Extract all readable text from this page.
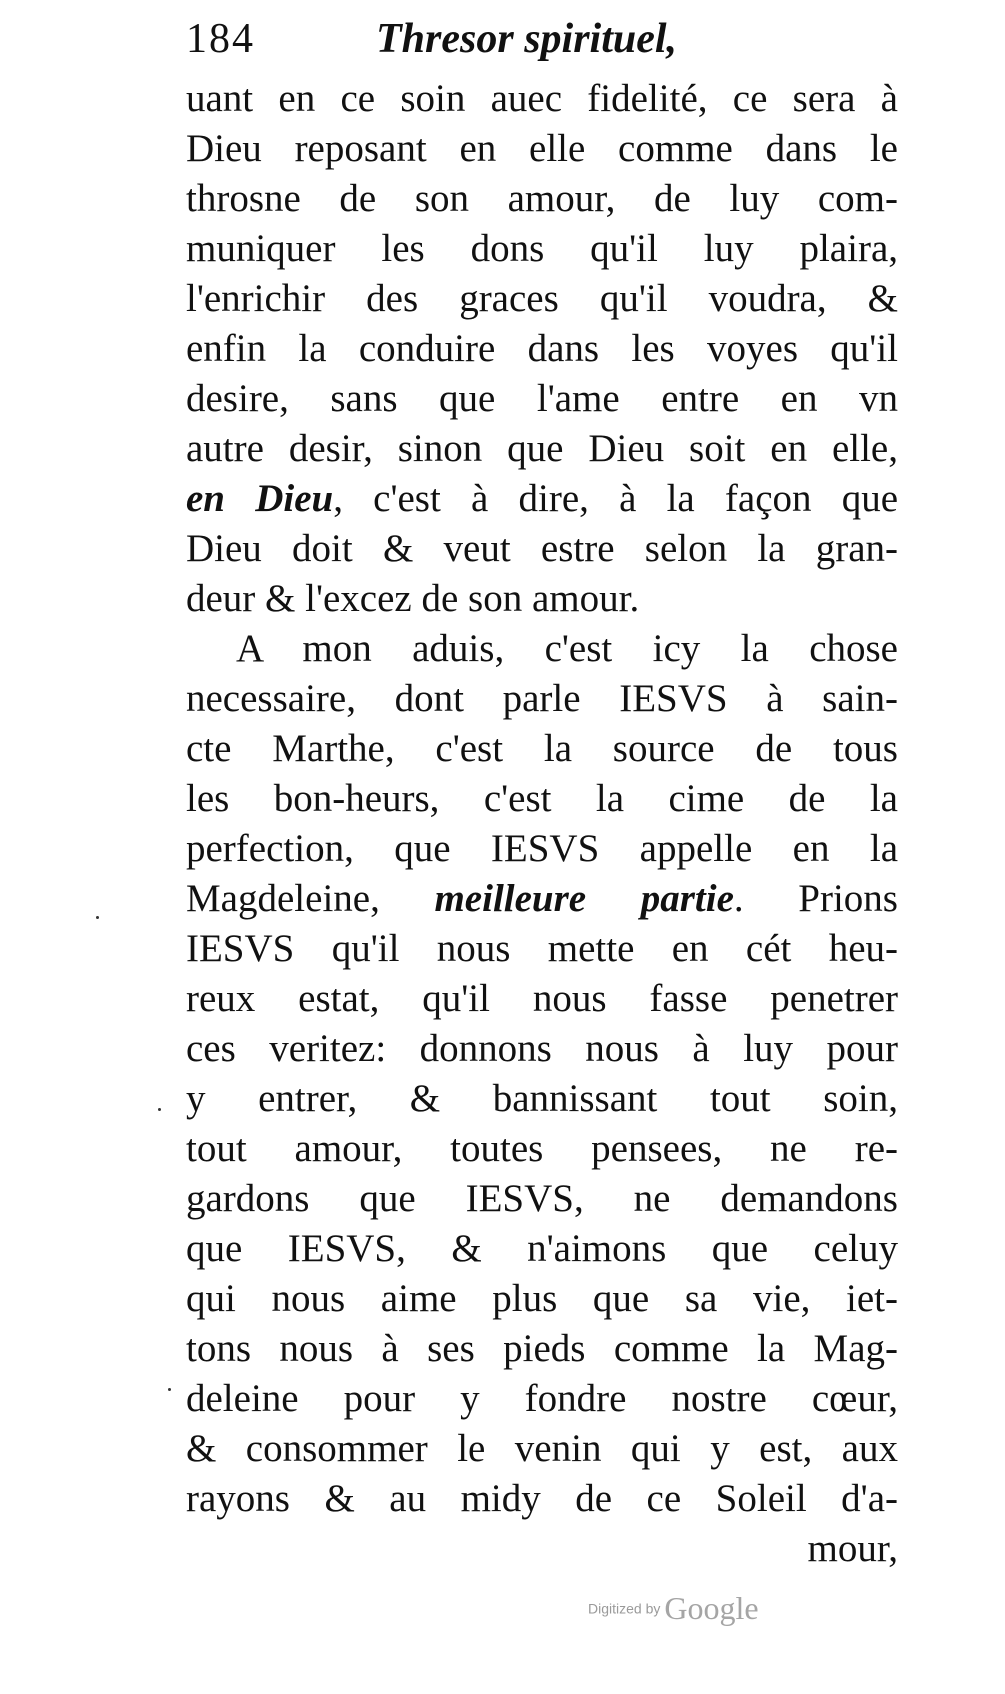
184	Thresor spirituel,
uant en ce soin auec fidelité, ce sera à
Dieu reposant en elle comme dans le
throsne de son amour, de luy com-
muniquer les dons qu'il luy plaira,
l'enrichir des graces qu'il voudra, &
enfin la conduire dans les voyes qu'il
desire, sans que l'ame entre en vn
autre desir, sinon que Dieu soit en elle,
en Dieu, c'est à dire, à la façon que
Dieu doit & veut estre selon la gran-
deur & l'excez de son amour.
A mon aduis, c'est icy la chose
necessaire, dont parle IESVS à sain-
cte Marthe, c'est la source de tous
les bon-heurs, c'est la cime de la
perfection, que IESVS appelle en la
Magdeleine, meilleure partie. Prions
IESVS qu'il nous mette en cét heu-
reux estat, qu'il nous fasse penetrer
ces veritez: donnons nous à luy pour
y entrer, & bannissant tout soin,
tout amour, toutes pensees, ne re-
gardons que IESVS, ne demandons
que IESVS, & n'aimons que celuy
qui nous aime plus que sa vie, iet-
tons nous à ses pieds comme la Mag-
deleine pour y fondre nostre cœur,
& consommer le venin qui y est, aux
rayons & au midy de ce Soleil d'a-
mour,
Digitized by Google
